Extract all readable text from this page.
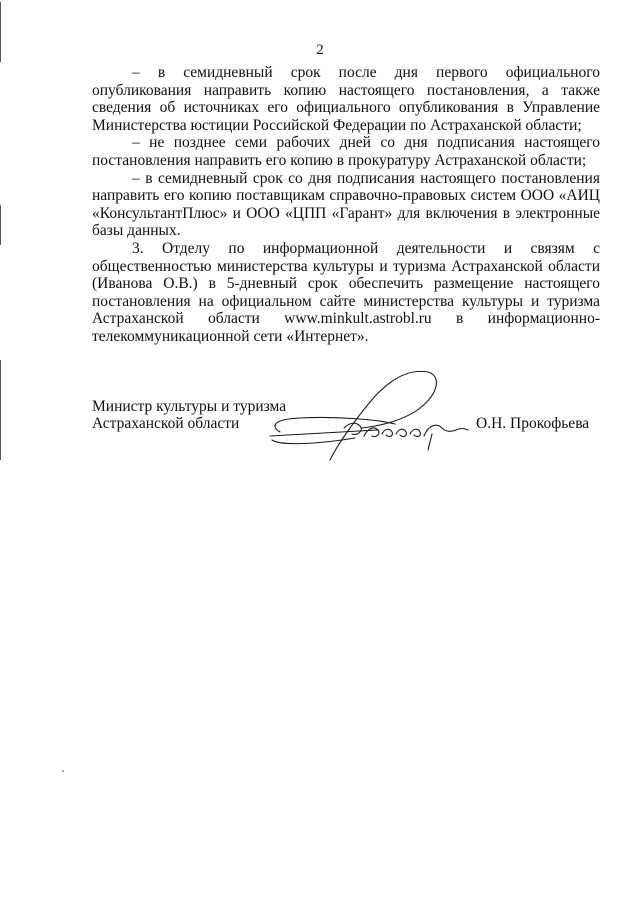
2

– в семидневный срок после дня первого официального опубликования направить копию настоящего постановления, а также сведения об источниках его официального опубликования в Управление Министерства юстиции Российской Федерации по Астраханской области;

– не позднее семи рабочих дней со дня подписания настоящего постановления направить его копию в прокуратуру Астраханской области;

– в семидневный срок со дня подписания настоящего постановления направить его копию поставщикам справочно-правовых систем ООО «АИЦ «КонсультантПлюс» и ООО «ЦПП «Гарант» для включения в электронные базы данных.

3. Отделу по информационной деятельности и связям с общественностью министерства культуры и туризма Астраханской области (Иванова О.В.) в 5-дневный срок обеспечить размещение настоящего постановления на официальном сайте министерства культуры и туризма Астраханской области www.minkult.astrobl.ru в информационно-телекоммуникационной сети «Интернет».

Министр культуры и туризма
Астраханской области	О.Н. Прокофьева
